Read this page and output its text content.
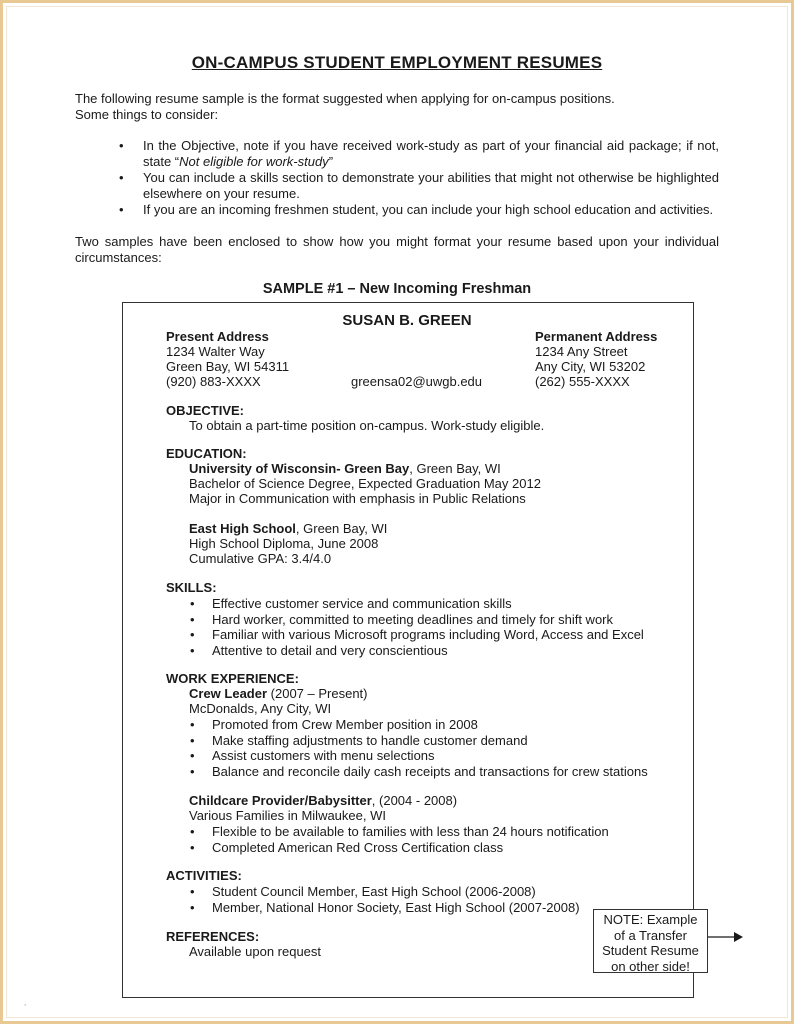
ON-CAMPUS STUDENT EMPLOYMENT RESUMES
The following resume sample is the format suggested when applying for on-campus positions.
Some things to consider:
• In the Objective, note if you have received work-study as part of your financial aid package; if not, state “Not eligible for work-study”
• You can include a skills section to demonstrate your abilities that might not otherwise be highlighted elsewhere on your resume.
• If you are an incoming freshmen student, you can include your high school education and activities.
Two samples have been enclosed to show how you might format your resume based upon your individual circumstances:
SAMPLE #1 – New Incoming Freshman
SUSAN B. GREEN
Present Address
1234 Walter Way
Green Bay, WI 54311
(920) 883-XXXX	greensa02@uwgb.edu
Permanent Address
1234 Any Street
Any City, WI 53202
(262) 555-XXXX
OBJECTIVE:
To obtain a part-time position on-campus. Work-study eligible.
EDUCATION:
University of Wisconsin- Green Bay, Green Bay, WI
Bachelor of Science Degree, Expected Graduation May 2012
Major in Communication with emphasis in Public Relations
East High School, Green Bay, WI
High School Diploma, June 2008
Cumulative GPA: 3.4/4.0
SKILLS:
• Effective customer service and communication skills
• Hard worker, committed to meeting deadlines and timely for shift work
• Familiar with various Microsoft programs including Word, Access and Excel
• Attentive to detail and very conscientious
WORK EXPERIENCE:
Crew Leader (2007 – Present)
McDonalds, Any City, WI
• Promoted from Crew Member position in 2008
• Make staffing adjustments to handle customer demand
• Assist customers with menu selections
• Balance and reconcile daily cash receipts and transactions for crew stations
Childcare Provider/Babysitter, (2004 - 2008)
Various Families in Milwaukee, WI
• Flexible to be available to families with less than 24 hours notification
• Completed American Red Cross Certification class
ACTIVITIES:
• Student Council Member, East High School (2006-2008)
• Member, National Honor Society, East High School (2007-2008)
REFERENCES:
Available upon request
NOTE: Example
of a Transfer
Student Resume
on other side!
,
